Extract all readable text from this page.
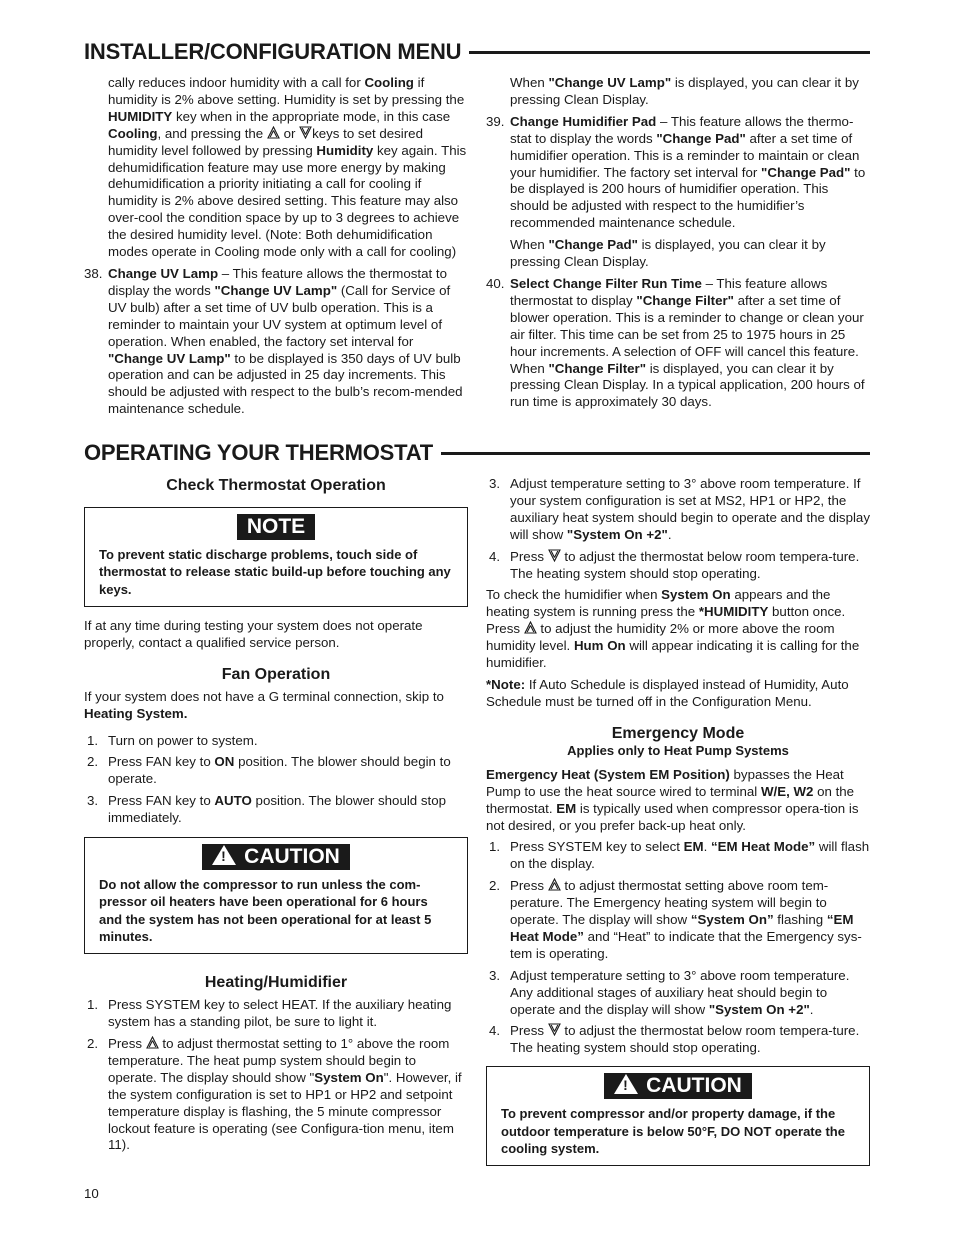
INSTALLER/CONFIGURATION MENU

cally reduces indoor humidity with a call for Cooling if humidity is 2% above setting. Humidity is set by pressing the HUMIDITY key when in the appropriate mode, in this case Cooling, and pressing the  or keys to set desired humidity level followed by pressing Humidity key again. This dehumidification feature may use more energy by making dehumidification a priority initiating a call for cooling if humidity is 2% above desired setting. This feature may also over-cool the condition space by up to 3 degrees to achieve the desired humidity level. (Note: Both dehumidification modes operate in Cooling mode only with a call for cooling)

38. Change UV Lamp – This feature allows the thermostat to display the words "Change UV Lamp" (Call for Service of UV bulb) after a set time of UV bulb operation. This is a reminder to maintain your UV system at optimum level of operation. When enabled, the factory set interval for "Change UV Lamp" to be displayed is 350 days of UV bulb operation and can be adjusted in 25 day increments. This should be adjusted with respect to the bulb’s recom-mended maintenance schedule.

When "Change UV Lamp" is displayed, you can clear it by pressing Clean Display.

39. Change Humidifier Pad – This feature allows the thermo-stat to display the words "Change Pad" after a set time of humidifier operation. This is a reminder to maintain or clean your humidifier. The factory set interval for "Change Pad" to be displayed is 200 hours of humidifier operation. This should be adjusted with respect to the humidifier’s recommended maintenance schedule.

When "Change Pad" is displayed, you can clear it by pressing Clean Display.

40. Select Change Filter Run Time – This feature allows thermostat to display "Change Filter" after a set time of blower operation. This is a reminder to change or clean your air filter. This time can be set from 25 to 1975 hours in 25 hour increments. A selection of OFF will cancel this feature. When "Change Filter" is displayed, you can clear it by pressing Clean Display. In a typical application, 200 hours of run time is approximately 30 days.
OPERATING YOUR THERMOSTAT
Check Thermostat Operation
NOTE
To prevent static discharge problems, touch side of thermostat to release static build-up before touching any keys.

If at any time during testing your system does not operate properly, contact a qualified service person.

Fan Operation

If your system does not have a G terminal connection, skip to Heating System.

1. Turn on power to system.
2. Press FAN key to ON position. The blower should begin to operate.
3. Press FAN key to AUTO position. The blower should stop immediately.
! CAUTION
Do not allow the compressor to run unless the com-pressor oil heaters have been operational for 6 hours and the system has not been operational for at least 5 minutes.
Heating/Humidifier
1. Press SYSTEM key to select HEAT. If the auxiliary heating system has a standing pilot, be sure to light it.
2. Press  to adjust thermostat setting to 1° above the room temperature. The heat pump system should begin to operate. The display should show "System On". However, if the system configuration is set to HP1 or HP2 and setpoint temperature display is flashing, the 5 minute compressor lockout feature is operating (see Configura-tion menu, item 11).
3. Adjust temperature setting to 3° above room temperature. If your system configuration is set at MS2, HP1 or HP2, the auxiliary heat system should begin to operate and the display will show "System On +2".
4. Press  to adjust the thermostat below room tempera-ture. The heating system should stop operating.

To check the humidifier when System On appears and the heating system is running press the *HUMIDITY button once. Press  to adjust the humidity 2% or more above the room humidity level. Hum On will appear indicating it is calling for the humidifier.

*Note: If Auto Schedule is displayed instead of Humidity, Auto Schedule must be turned off in the Configuration Menu.

Emergency Mode
Applies only to Heat Pump Systems

Emergency Heat (System EM Position) bypasses the Heat Pump to use the heat source wired to terminal W/E, W2 on the thermostat. EM is typically used when compressor opera-tion is not desired, or you prefer back-up heat only.

1. Press SYSTEM key to select EM. “EM Heat Mode” will flash on the display.
2. Press  to adjust thermostat setting above room tem-perature. The Emergency heating system will begin to operate. The display will show “System On” flashing “EM Heat Mode” and “Heat” to indicate that the Emergency sys-tem is operating.
3. Adjust temperature setting to 3° above room temperature. Any additional stages of auxiliary heat should begin to operate and the display will show "System On +2".
4. Press  to adjust the thermostat below room tempera-ture. The heating system should stop operating.
! CAUTION
To prevent compressor and/or property damage, if the outdoor temperature is below 50°F, DO NOT operate the cooling system.
10
